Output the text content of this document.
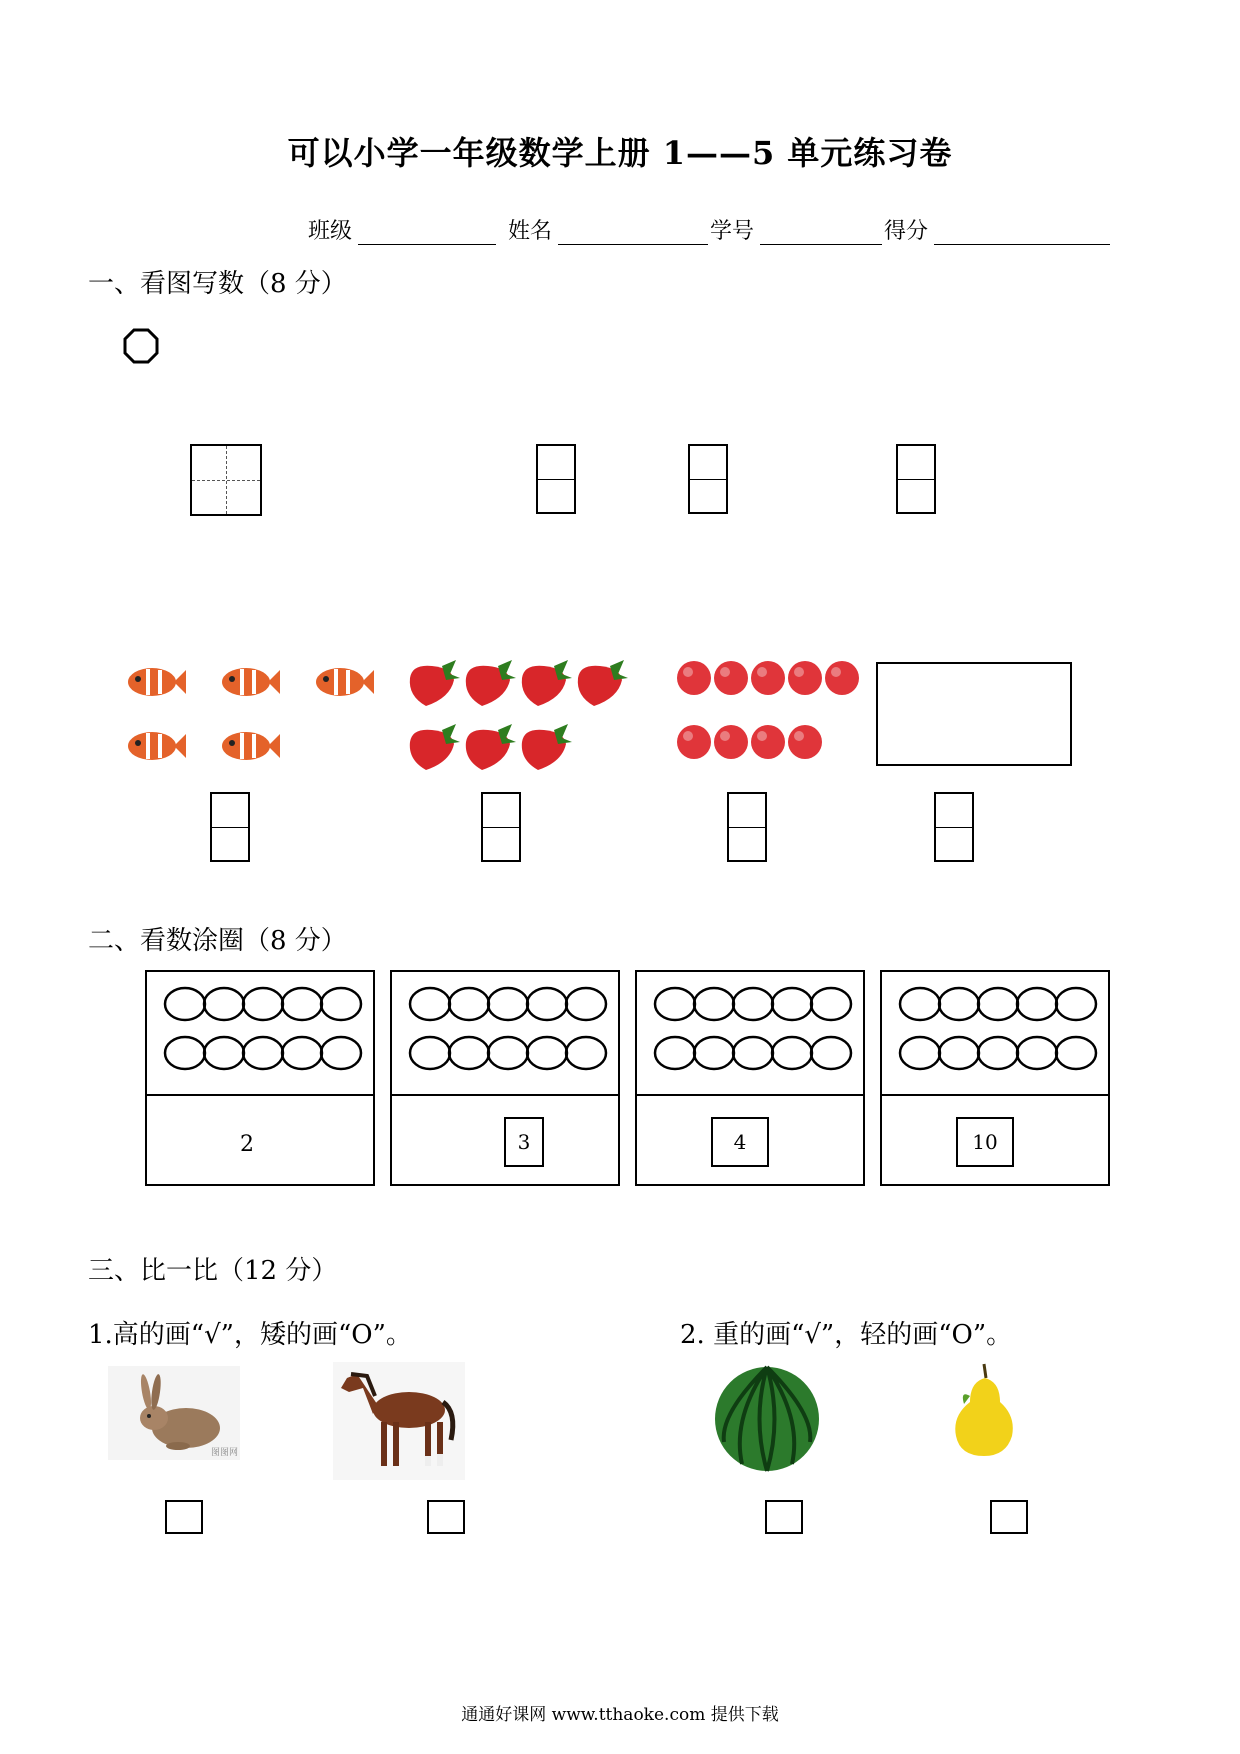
可以小学一年级数学上册 1——5 单元练习卷
班级	姓名	学号	得分
一、看图写数（8 分）
二、看数涂圈（8 分）
2	3	4	10
三、比一比（12 分）
1.高的画“√”，矮的画“O”。	2. 重的画“√”，轻的画“O”。
图图网
通通好课网 www.tthaoke.com 提供下载
